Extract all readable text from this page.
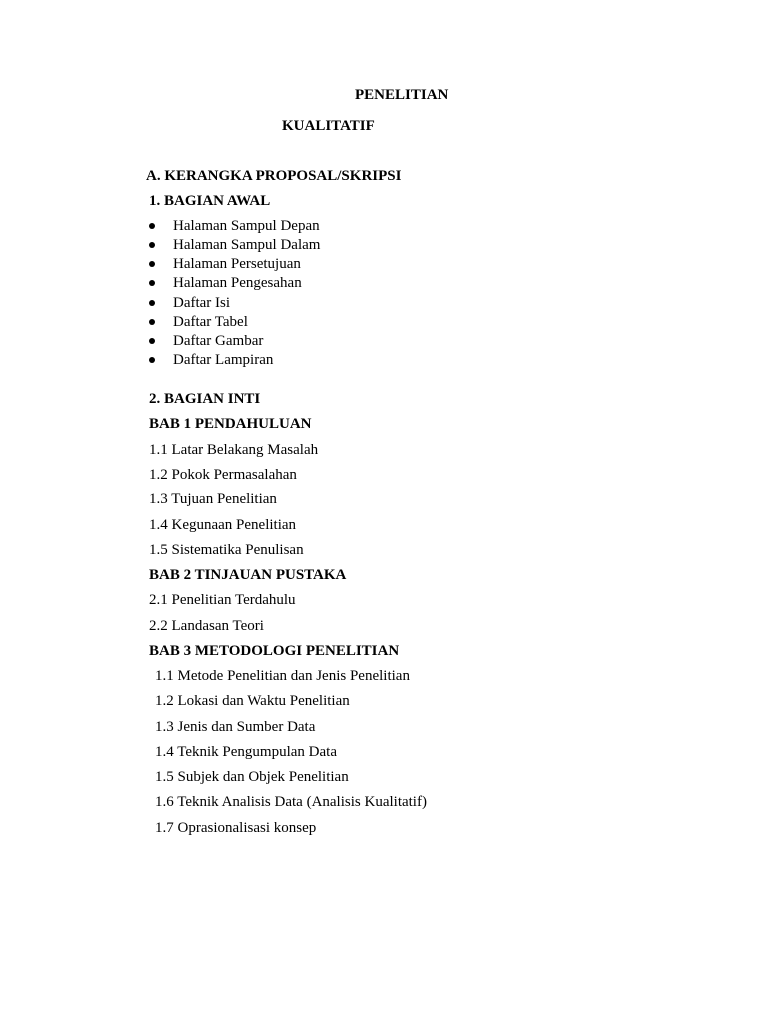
PENELITIAN
KUALITATIF
A. KERANGKA PROPOSAL/SKRIPSI
1. BAGIAN AWAL
Halaman Sampul Depan
Halaman Sampul Dalam
Halaman Persetujuan
Halaman Pengesahan
Daftar Isi
Daftar Tabel
Daftar Gambar
Daftar Lampiran
2. BAGIAN INTI
BAB 1 PENDAHULUAN
1.1 Latar Belakang Masalah
1.2 Pokok Permasalahan
1.3 Tujuan Penelitian
1.4 Kegunaan Penelitian
1.5 Sistematika Penulisan
BAB 2 TINJAUAN PUSTAKA
2.1 Penelitian Terdahulu
2.2 Landasan Teori
BAB 3 METODOLOGI PENELITIAN
1.1 Metode Penelitian dan Jenis Penelitian
1.2 Lokasi dan Waktu Penelitian
1.3 Jenis dan Sumber Data
1.4 Teknik Pengumpulan Data
1.5 Subjek dan Objek Penelitian
1.6 Teknik Analisis Data (Analisis Kualitatif)
1.7 Oprasionalisasi konsep
